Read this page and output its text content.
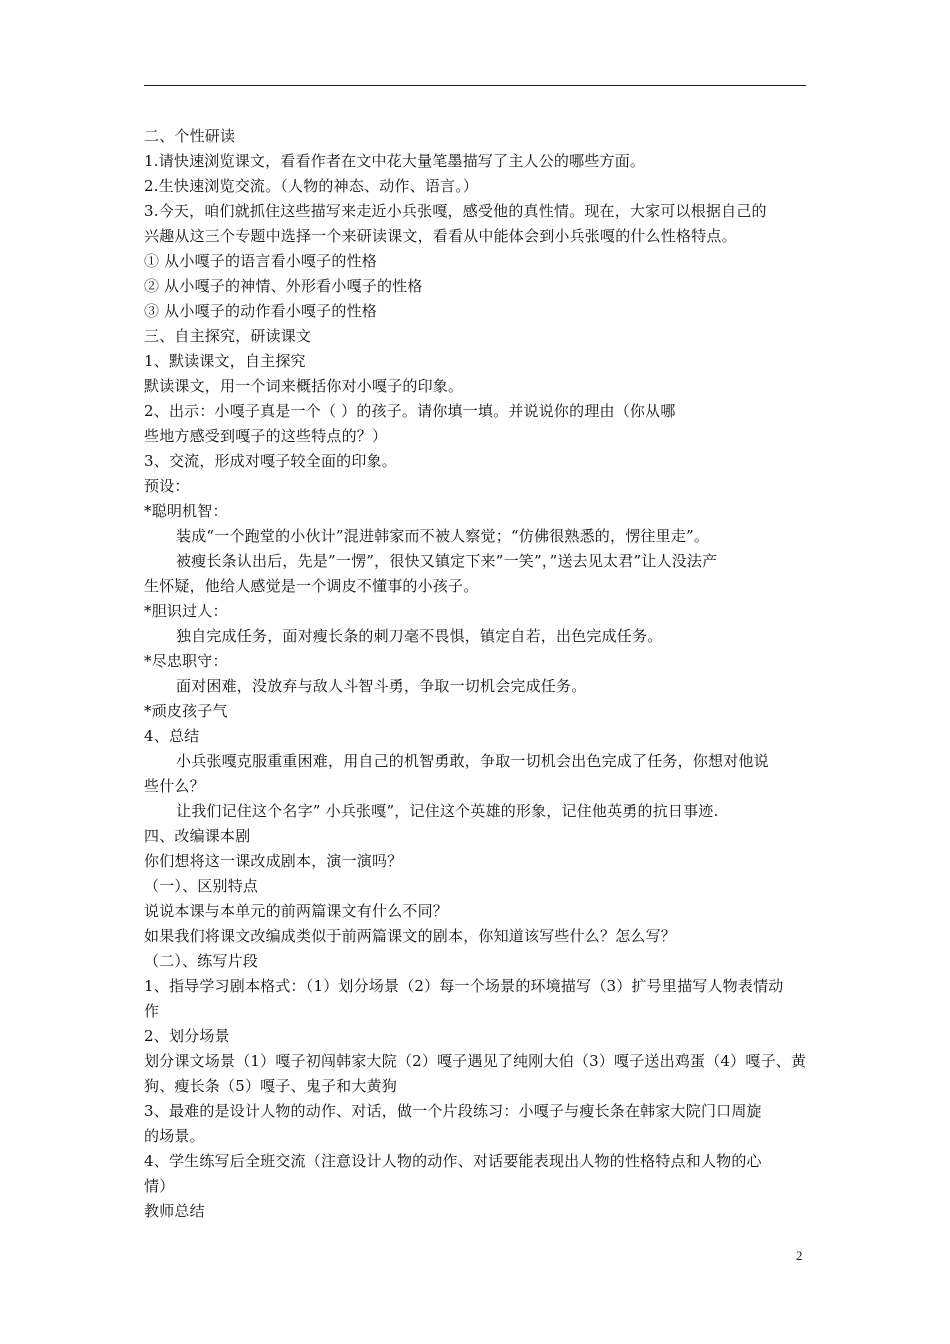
二、个性研读
1.请快速浏览课文，看看作者在文中花大量笔墨描写了主人公的哪些方面。
2.生快速浏览交流。（人物的神态、动作、语言。）
3.今天，咱们就抓住这些描写来走近小兵张嘎，感受他的真性情。现在，大家可以根据自己的
兴趣从这三个专题中选择一个来研读课文，看看从中能体会到小兵张嘎的什么性格特点。
① 从小嘎子的语言看小嘎子的性格
② 从小嘎子的神情、外形看小嘎子的性格
③ 从小嘎子的动作看小嘎子的性格
三、自主探究，研读课文
1、默读课文，自主探究
默读课文，用一个词来概括你对小嘎子的印象。
2、出示：小嘎子真是一个（ ）的孩子。请你填一填。并说说你的理由（你从哪
些地方感受到嘎子的这些特点的？）
3、交流，形成对嘎子较全面的印象。
预设：
*聪明机智：
装成“一个跑堂的小伙计”混进韩家而不被人察觉；“仿佛很熟悉的，愣往里走”。
被瘦长条认出后，先是”一愣”，很快又镇定下来”一笑”，”送去见太君”让人没法产
生怀疑，他给人感觉是一个调皮不懂事的小孩子。
*胆识过人：
独自完成任务，面对瘦长条的刺刀毫不畏惧，镇定自若，出色完成任务。
*尽忠职守：
面对困难，没放弃与敌人斗智斗勇，争取一切机会完成任务。
*顽皮孩子气
4、总结
小兵张嘎克服重重困难，用自己的机智勇敢，争取一切机会出色完成了任务，你想对他说
些什么？
让我们记住这个名字” 小兵张嘎”，记住这个英雄的形象，记住他英勇的抗日事迹.
四、改编课本剧
你们想将这一课改成剧本，演一演吗？
（一）、区别特点
说说本课与本单元的前两篇课文有什么不同？
如果我们将课文改编成类似于前两篇课文的剧本，你知道该写些什么？怎么写？
（二）、练写片段
1、指导学习剧本格式：（1）划分场景（2）每一个场景的环境描写（3）扩号里描写人物表情动
作
2、划分场景
划分课文场景（1）嘎子初闯韩家大院（2）嘎子遇见了纯刚大伯（3）嘎子送出鸡蛋（4）嘎子、黄
狗、瘦长条（5）嘎子、鬼子和大黄狗
3、最难的是设计人物的动作、对话，做一个片段练习：小嘎子与瘦长条在韩家大院门口周旋
的场景。
4、学生练写后全班交流（注意设计人物的动作、对话要能表现出人物的性格特点和人物的心
情）
教师总结
2
